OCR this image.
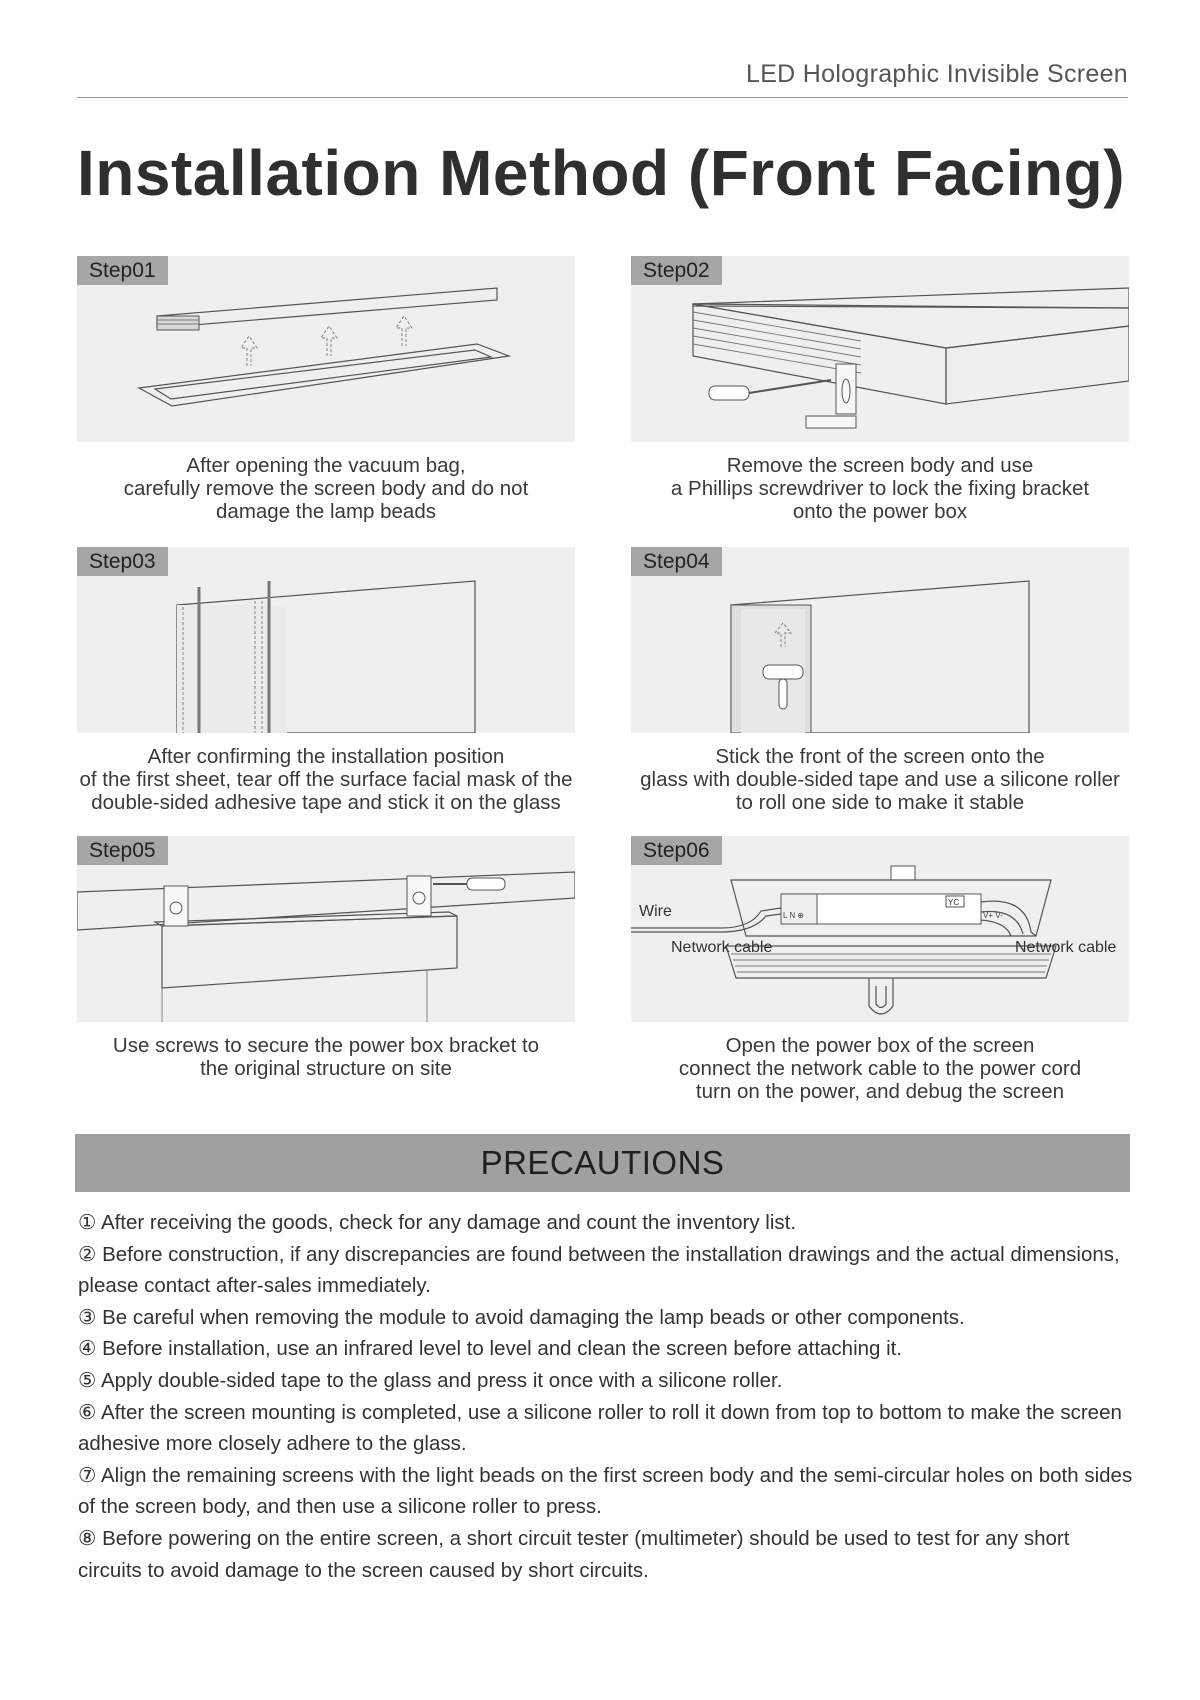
LED Holographic Invisible Screen
Installation Method (Front Facing)
Step01
After opening the vacuum bag,
carefully remove the screen body and do not
damage the lamp beads
Step02
Remove the screen body and use
a Phillips screwdriver to lock the fixing bracket
onto the power box
Step03
After confirming the installation position
of the first sheet, tear off the surface facial mask of the
double-sided adhesive tape and stick it on the glass
Step04
Stick the front of the screen onto the
glass with double-sided tape and use a silicone roller
to roll one side to make it stable
Step05
Use screws to secure the power box bracket to
the original structure on site
Step06
L N ⊕
YC
V+ V-
Wire
Network cable	Network cable
Open the power box of the screen
connect the network cable to the power cord
turn on the power, and debug the screen
PRECAUTIONS

① After receiving the goods, check for any damage and count the inventory list.

② Before construction, if any discrepancies are found between the installation drawings and the actual dimensions, please contact after-sales immediately.

③ Be careful when removing the module to avoid damaging the lamp beads or other components.

④ Before installation, use an infrared level to level and clean the screen before attaching it.

⑤ Apply double-sided tape to the glass and press it once with a silicone roller.

⑥ After the screen mounting is completed, use a silicone roller to roll it down from top to bottom to make the screen adhesive more closely adhere to the glass.

⑦ Align the remaining screens with the light beads on the first screen body and the semi-circular holes on both sides of the screen body, and then use a silicone roller to press.

⑧ Before powering on the entire screen, a short circuit tester (multimeter) should be used to test for any short circuits to avoid damage to the screen caused by short circuits.
